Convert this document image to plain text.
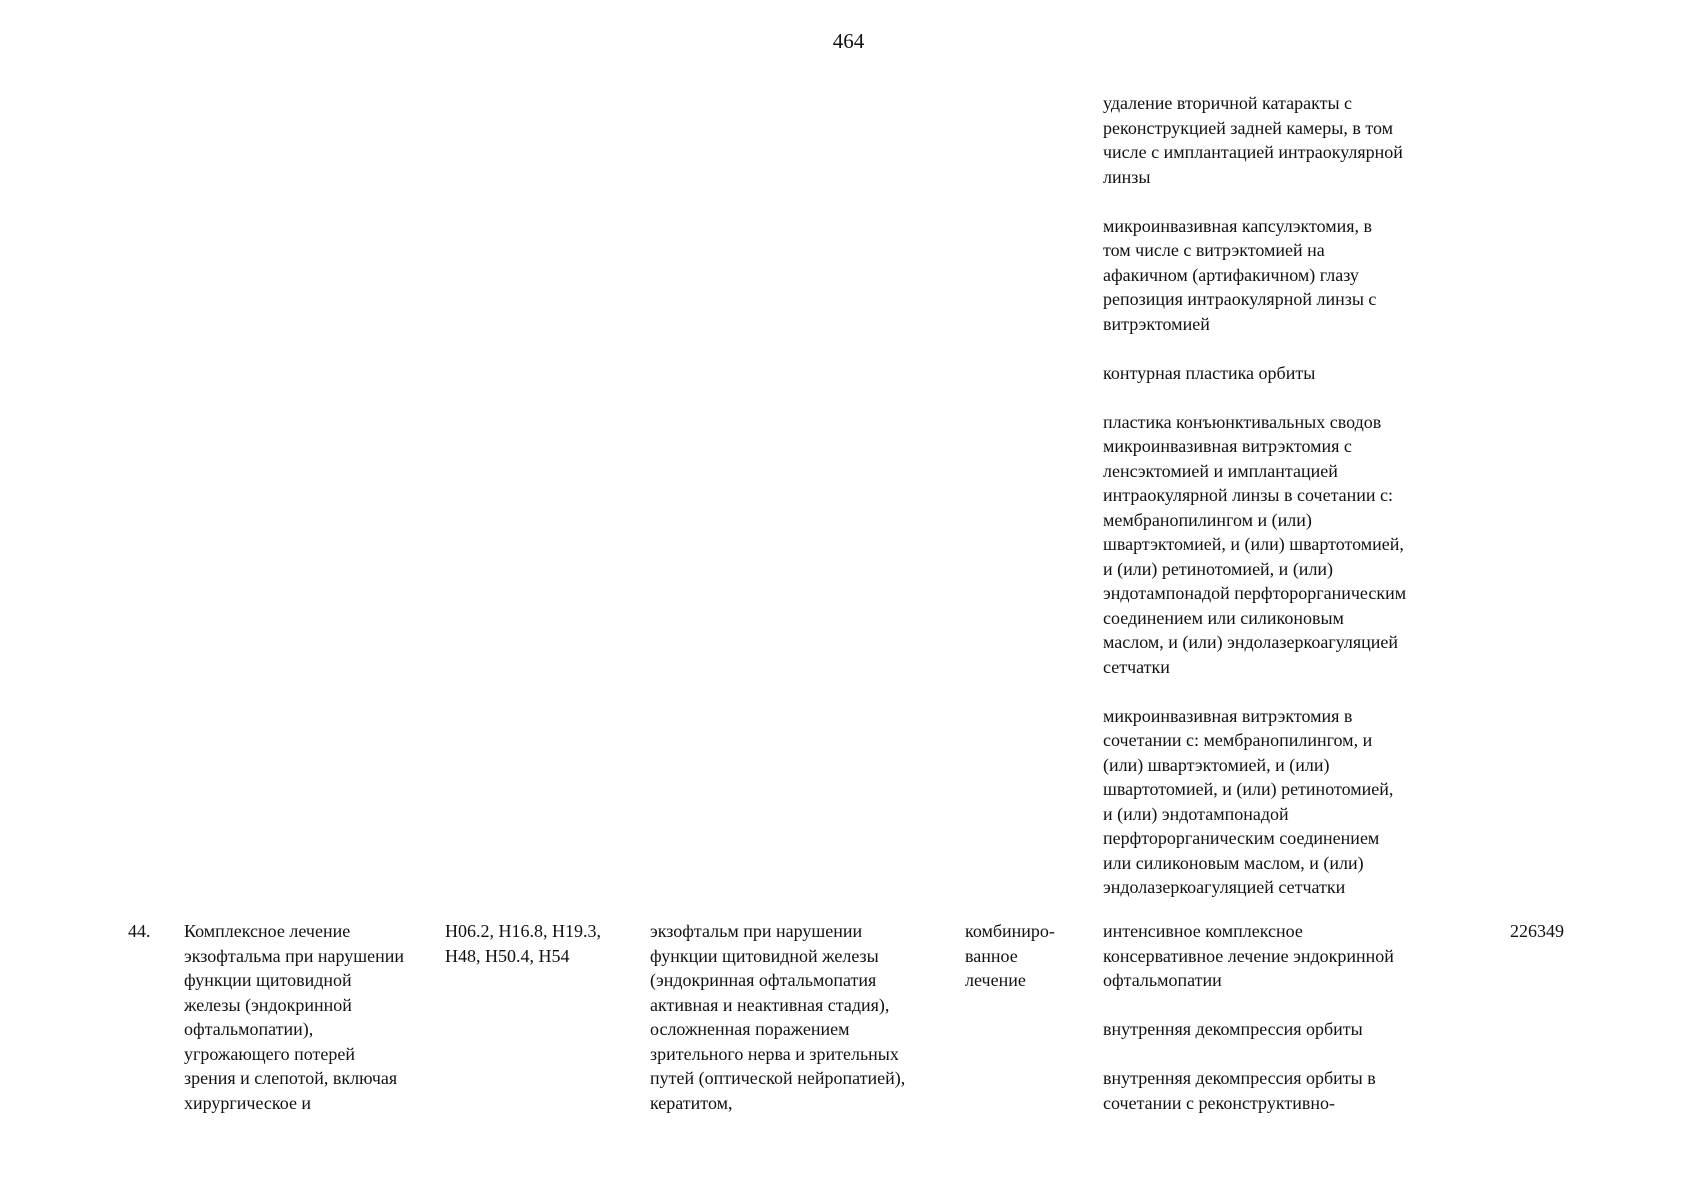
464
удаление вторичной катаракты с
реконструкцией задней камеры, в том
числе с имплантацией интраокулярной
линзы
микроинвазивная капсулэктомия, в
том числе с витрэктомией на
афакичном (артифакичном) глазу
репозиция интраокулярной линзы с
витрэктомией
контурная пластика орбиты
пластика конъюнктивальных сводов
микроинвазивная витрэктомия с
ленсэктомией и имплантацией
интраокулярной линзы в сочетании с:
мембранопилингом и (или)
швартэктомией, и (или) швартотомией,
и (или) ретинотомией, и (или)
эндотампонадой перфторорганическим
соединением или силиконовым
маслом, и (или) эндолазеркоагуляцией
сетчатки
микроинвазивная витрэктомия в
сочетании с: мембранопилингом, и
(или) швартэктомией, и (или)
швартотомией, и (или) ретинотомией,
и (или) эндотампонадой
перфторорганическим соединением
или силиконовым маслом, и (или)
эндолазеркоагуляцией сетчатки
44. Комплексное лечение
экзофтальма при нарушении
функции щитовидной
железы (эндокринной
офтальмопатии),
угрожающего потерей
зрения и слепотой, включая
хирургическое и
H06.2, H16.8, H19.3,
H48, H50.4, H54
экзофтальм при нарушении
функции щитовидной железы
(эндокринная офтальмопатия
активная и неактивная стадия),
осложненная поражением
зрительного нерва и зрительных
путей (оптической нейропатией),
кератитом,
комбиниро-
ванное
лечение
интенсивное комплексное
консервативное лечение эндокринной
офтальмопатии
внутренняя декомпрессия орбиты
внутренняя декомпрессия орбиты в
сочетании с реконструктивно-
226349
